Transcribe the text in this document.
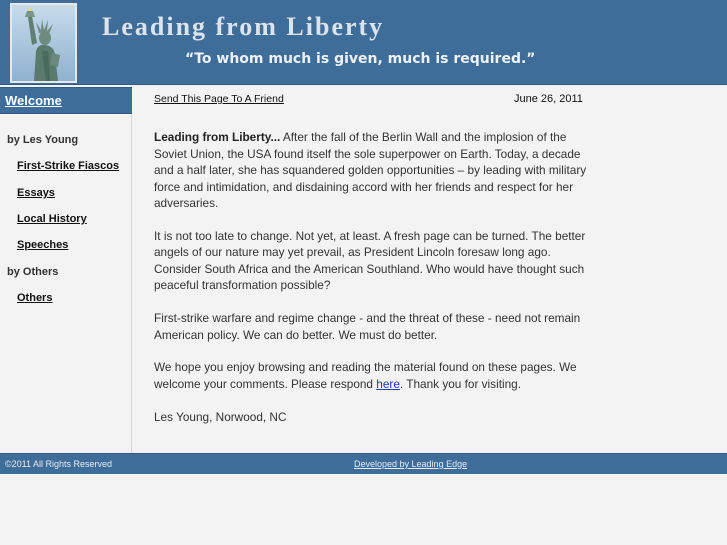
Leading from Liberty
“To whom much is given, much is required.”
Welcome
by Les Young
First-Strike Fiascos
Essays
Local History
Speeches
by Others
Others
Send This Page To A Friend	June 26, 2011

Leading from Liberty... After the fall of the Berlin Wall and the implosion of the Soviet Union, the USA found itself the sole superpower on Earth. Today, a decade and a half later, she has squandered golden opportunities – by leading with military force and intimidation, and disdaining accord with her friends and respect for her adversaries.

It is not too late to change. Not yet, at least. A fresh page can be turned. The better angels of our nature may yet prevail, as President Lincoln foresaw long ago. Consider South Africa and the American Southland. Who would have thought such peaceful transformation possible?

First-strike warfare and regime change - and the threat of these - need not remain American policy. We can do better. We must do better.

We hope you enjoy browsing and reading the material found on these pages. We welcome your comments. Please respond here. Thank you for visiting.

Les Young, Norwood, NC

©2011 All Rights Reserved	Developed by Leading Edge
